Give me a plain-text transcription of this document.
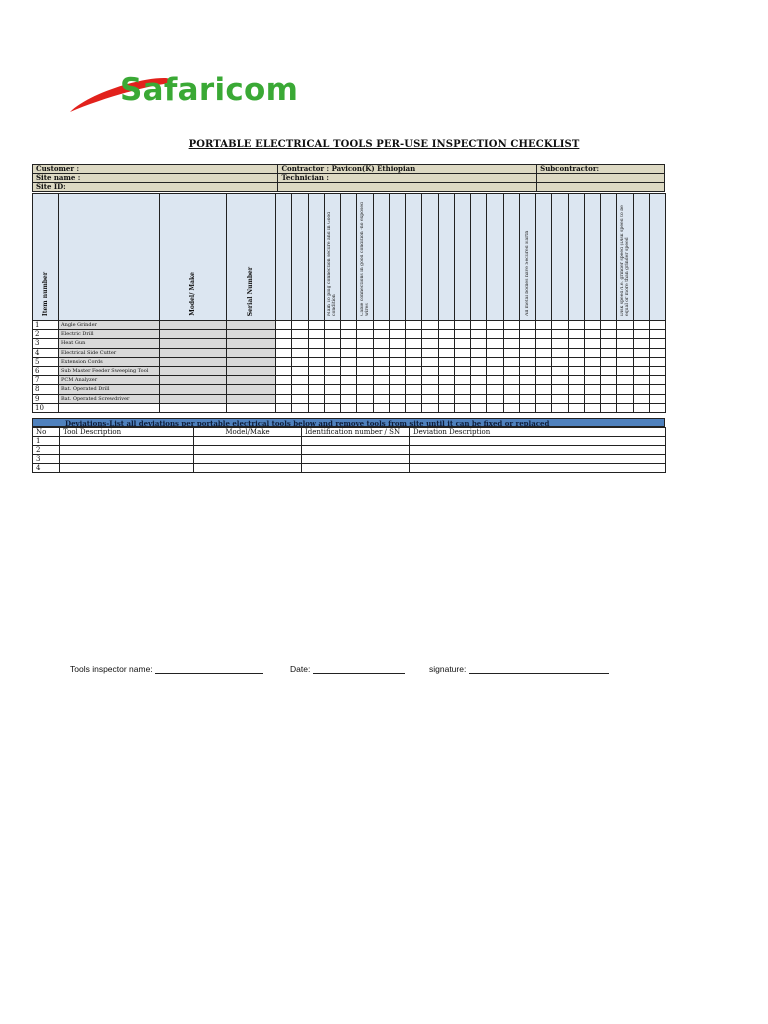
Safaricom
PORTABLE ELECTRICAL TOOLS PER-USE INSPECTION CHECKLIST
Customer :	Contractor : Pavicon(K) Ethiopian	Subcontractor:
Site name :	Technician :	
Site ID:		
Item number		Model/ Make	Serial Number				Main To plug connection secure and in Good condition		Cable connections in good condition -no exposed wires										All metal bodies have Secured Earth						Disk speed?i.e. grinder speed (Disk speed to be equal or more than grinder speed		

1	Angle Grinder																										
2	Electric Drill																										
3	Heat Gun																										
4	Electrical Side Cutter																										
5	Extension Cords																										
6	Sub Master Feeder Sweeping Tool																										
7	PCM Analyzer																										
8	Bat. Operated Drill																										
9	Bat. Operated Screwdriver																										
10																											
Deviations-List all deviations per portable electrical tools below and remove tools from site until it can be fixed or replaced
No	Tool Description	Model/Make	Identification number / SN	Deviation Description
1				
2				
3				
4				
Tools inspector name:	Date:	signature:
